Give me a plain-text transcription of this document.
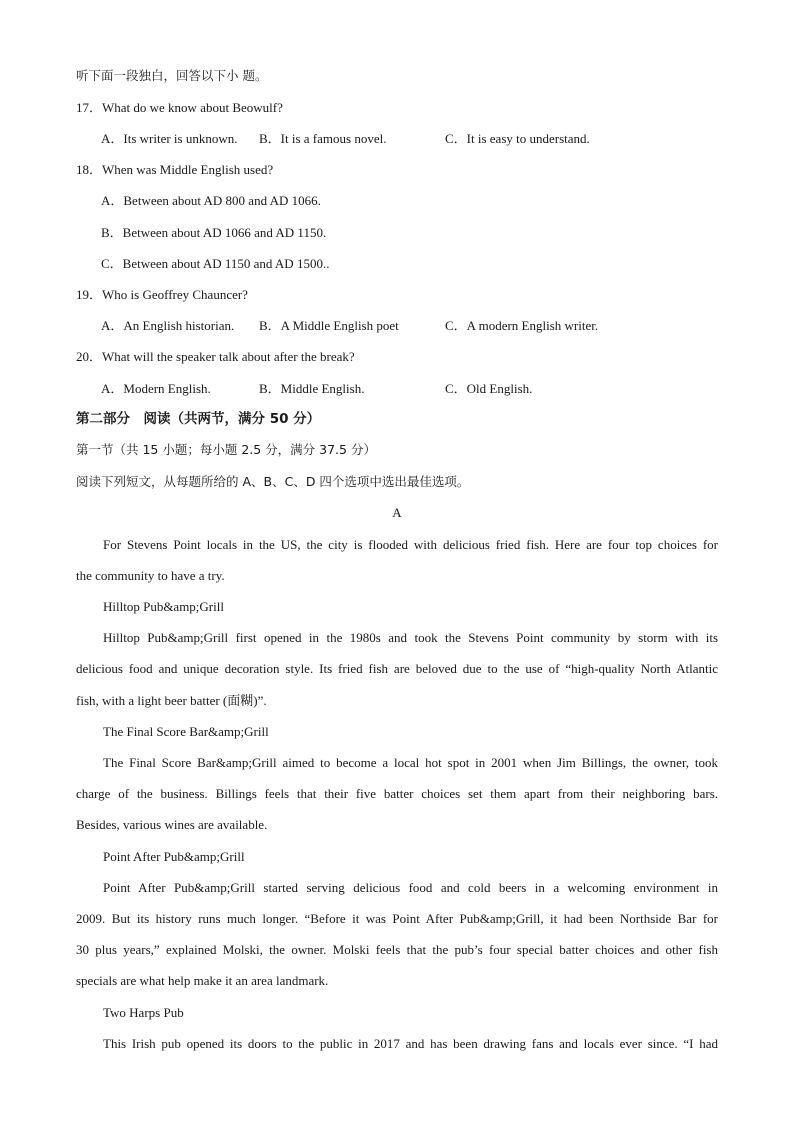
听下面一段独白，回答以下小 题。
17．What do we know about Beowulf?
A．Its writer is unknown. B．It is a famous novel.	C．It is easy to understand.
18．When was Middle English used?
A．Between about AD 800 and AD 1066.
B．Between about AD 1066 and AD 1150.
C．Between about AD 1150 and AD 1500..
19．Who is Geoffrey Chauncer?
A．An English historian. B．A Middle English poet	C．A modern English writer.
20．What will the speaker talk about after the break?
A．Modern English.	B．Middle English.	C．Old English.
第二部分　阅读（共两节，满分 50 分）
第一节（共 15 小题；每小题 2.5 分，满分 37.5 分）
阅读下列短文，从每题所给的 A、B、C、D 四个选项中选出最佳选项。
A
For Stevens Point locals in the US, the city is flooded with delicious fried fish. Here are four top choices for
the community to have a try.
Hilltop Pub&amp;Grill
Hilltop Pub&amp;Grill first opened in the 1980s and took the Stevens Point community by storm with its
delicious food and unique decoration style. Its fried fish are beloved due to the use of “high-quality North Atlantic
fish, with a light beer batter (面糊)”.
The Final Score Bar&amp;Grill
The Final Score Bar&amp;Grill aimed to become a local hot spot in 2001 when Jim Billings, the owner, took
charge of the business. Billings feels that their five batter choices set them apart from their neighboring bars.
Besides, various wines are available.
Point After Pub&amp;Grill
Point After Pub&amp;Grill started serving delicious food and cold beers in a welcoming environment in
2009. But its history runs much longer. “Before it was Point After Pub&amp;Grill, it had been Northside Bar for
30 plus years,” explained Molski, the owner. Molski feels that the pub’s four special batter choices and other fish
specials are what help make it an area landmark.
Two Harps Pub
This Irish pub opened its doors to the public in 2017 and has been drawing fans and locals ever since. “I had
